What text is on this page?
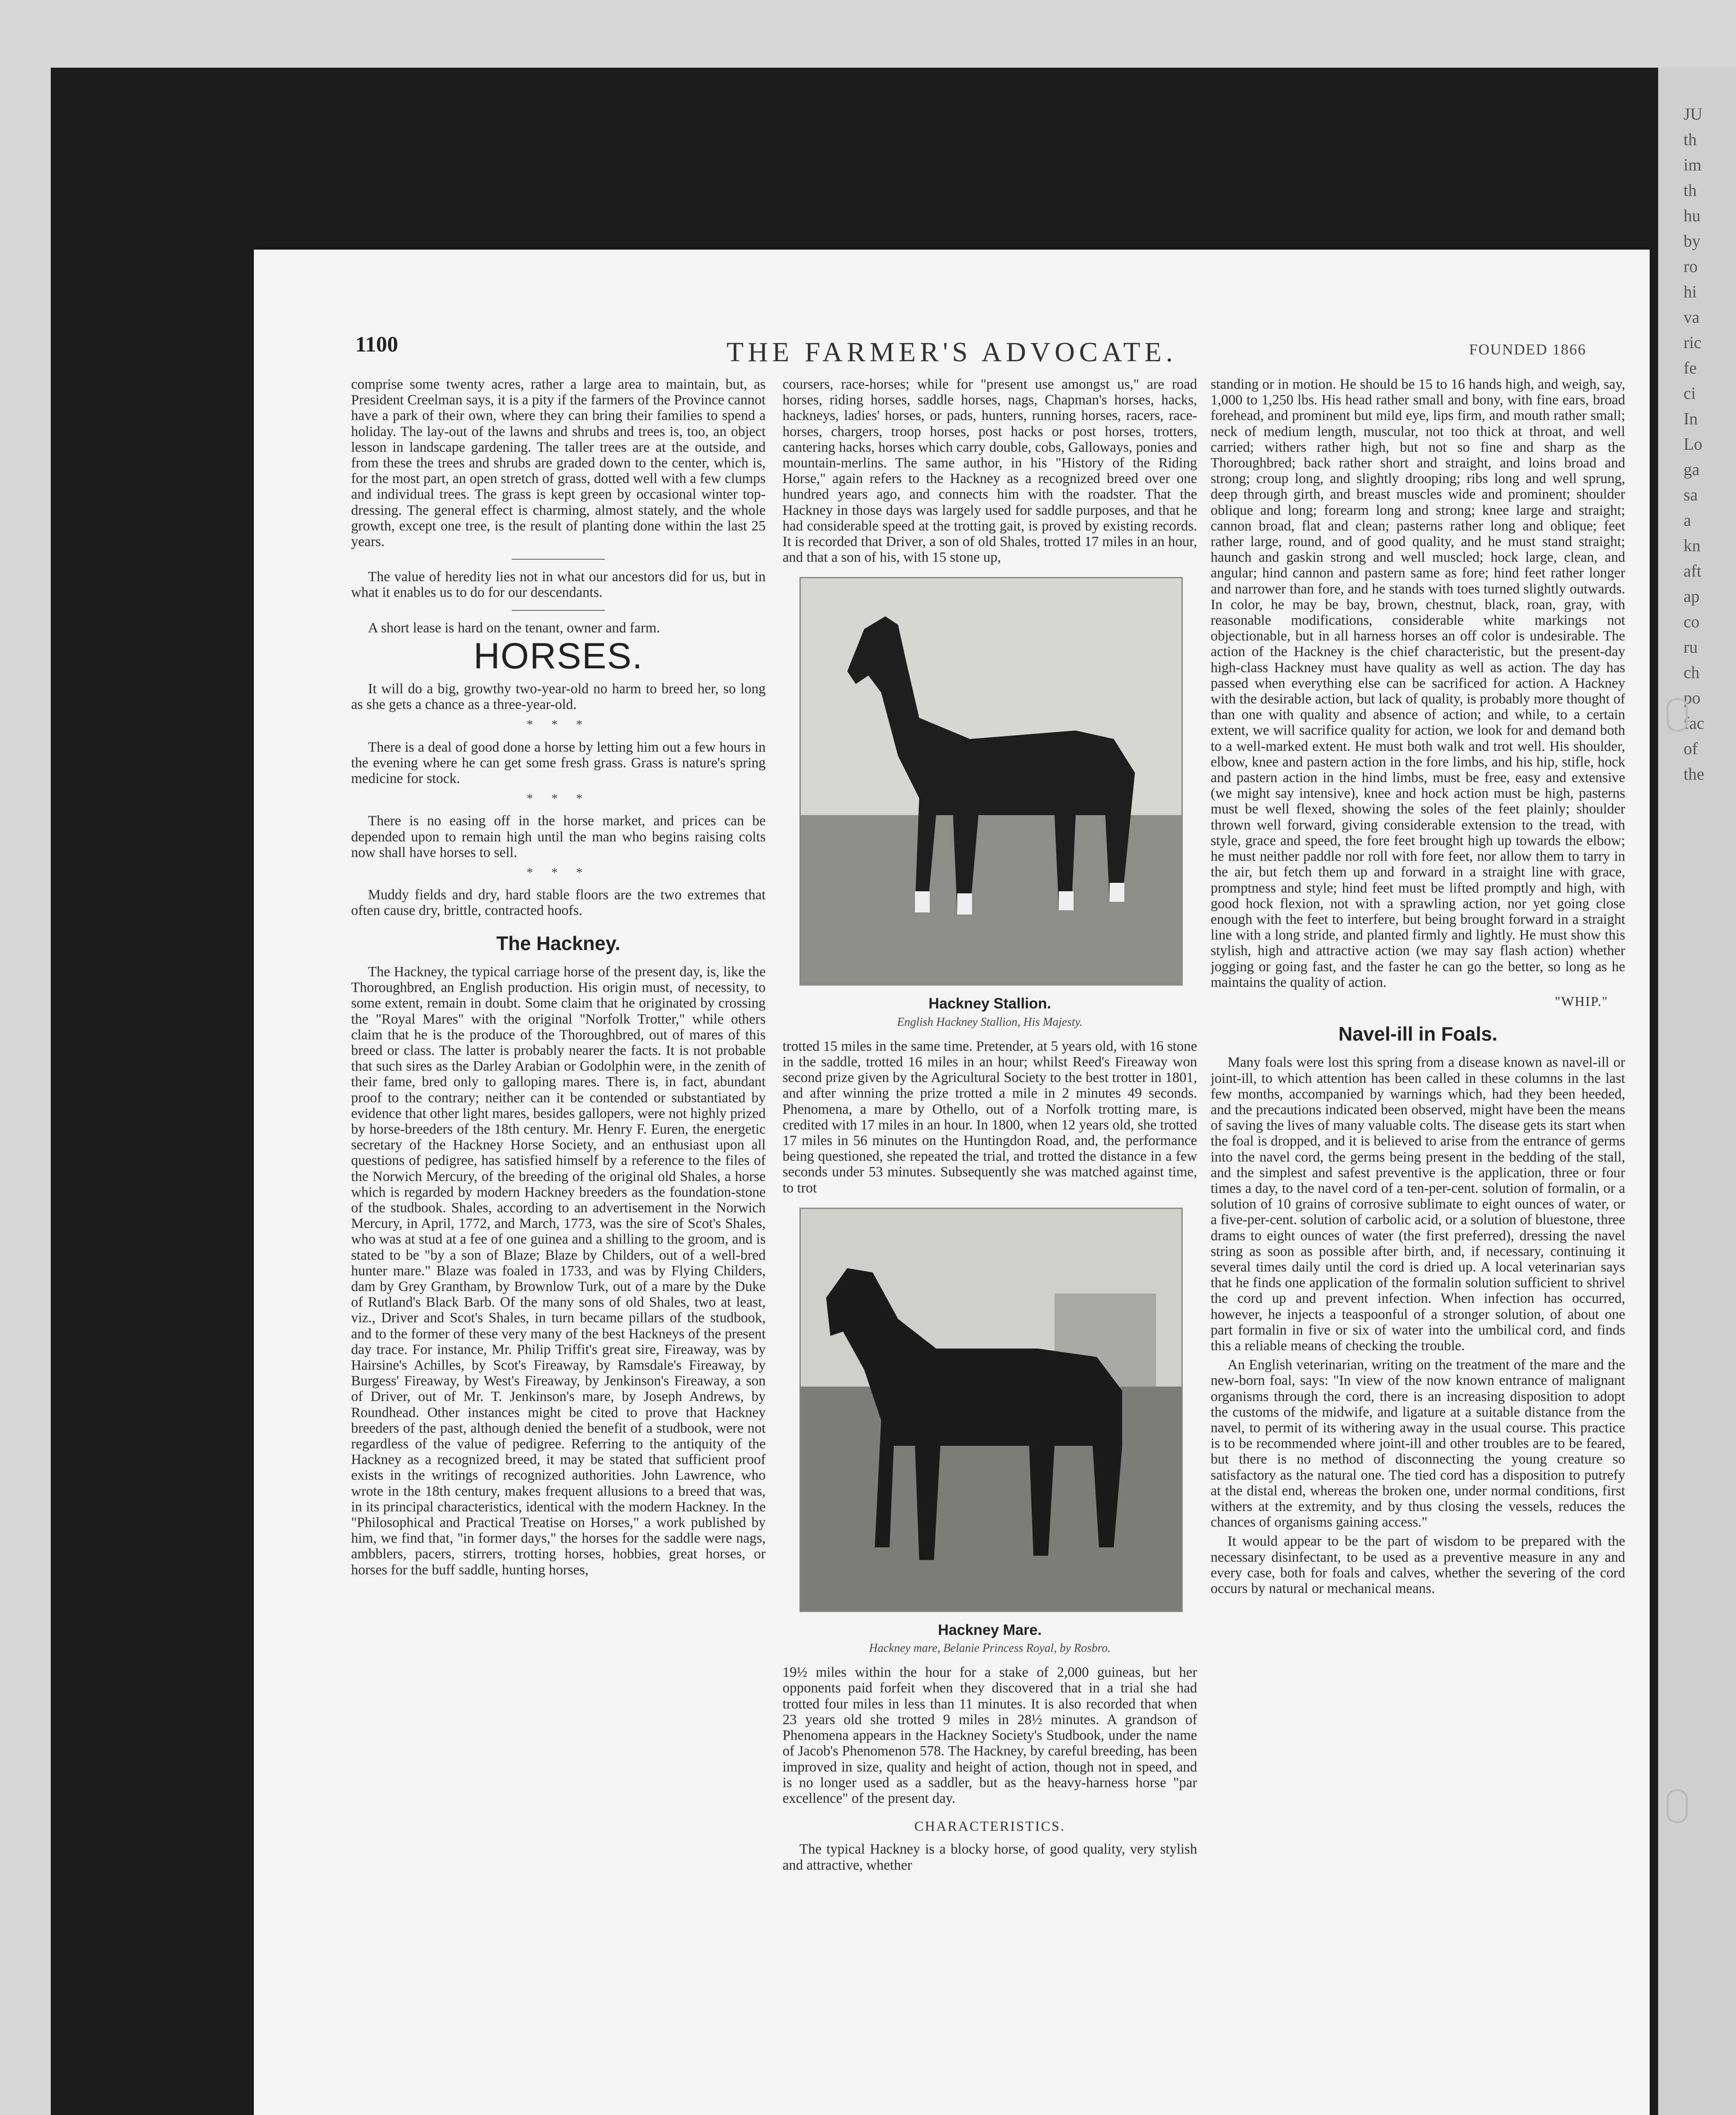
JU
th
im
th
hu
by
ro
hi
va
ric
fe
ci
In
Lo
ga
sa
a
kn
aft
ap
co
ru
ch
po
fac
of
the
1100	THE FARMER'S ADVOCATE.	FOUNDED 1866

comprise some twenty acres, rather a large area to maintain, but, as President Creelman says, it is a pity if the farmers of the Province cannot have a park of their own, where they can bring their families to spend a holiday. The lay-out of the lawns and shrubs and trees is, too, an object lesson in landscape gardening. The taller trees are at the outside, and from these the trees and shrubs are graded down to the center, which is, for the most part, an open stretch of grass, dotted well with a few clumps and individual trees. The grass is kept green by occasional winter top-dressing. The general effect is charming, almost stately, and the whole growth, except one tree, is the result of planting done within the last 25 years.

The value of heredity lies not in what our ancestors did for us, but in what it enables us to do for our descendants.

A short lease is hard on the tenant, owner and farm.

HORSES.

It will do a big, growthy two-year-old no harm to breed her, so long as she gets a chance as a three-year-old.

* * *

There is a deal of good done a horse by letting him out a few hours in the evening where he can get some fresh grass. Grass is nature's spring medicine for stock.

* * *

There is no easing off in the horse market, and prices can be depended upon to remain high until the man who begins raising colts now shall have horses to sell.

* * *

Muddy fields and dry, hard stable floors are the two extremes that often cause dry, brittle, contracted hoofs.

The Hackney.

The Hackney, the typical carriage horse of the present day, is, like the Thoroughbred, an English production. His origin must, of necessity, to some extent, remain in doubt. Some claim that he originated by crossing the "Royal Mares" with the original "Norfolk Trotter," while others claim that he is the produce of the Thoroughbred, out of mares of this breed or class. The latter is probably nearer the facts. It is not probable that such sires as the Darley Arabian or Godolphin were, in the zenith of their fame, bred only to galloping mares. There is, in fact, abundant proof to the contrary; neither can it be contended or substantiated by evidence that other light mares, besides gallopers, were not highly prized by horse-breeders of the 18th century. Mr. Henry F. Euren, the energetic secretary of the Hackney Horse Society, and an enthusiast upon all questions of pedigree, has satisfied himself by a reference to the files of the Norwich Mercury, of the breeding of the original old Shales, a horse which is regarded by modern Hackney breeders as the foundation-stone of the studbook. Shales, according to an advertisement in the Norwich Mercury, in April, 1772, and March, 1773, was the sire of Scot's Shales, who was at stud at a fee of one guinea and a shilling to the groom, and is stated to be "by a son of Blaze; Blaze by Childers, out of a well-bred hunter mare." Blaze was foaled in 1733, and was by Flying Childers, dam by Grey Grantham, by Brownlow Turk, out of a mare by the Duke of Rutland's Black Barb. Of the many sons of old Shales, two at least, viz., Driver and Scot's Shales, in turn became pillars of the studbook, and to the former of these very many of the best Hackneys of the present day trace. For instance, Mr. Philip Triffit's great sire, Fireaway, was by Hairsine's Achilles, by Scot's Fireaway, by Ramsdale's Fireaway, by Burgess' Fireaway, by West's Fireaway, by Jenkinson's Fireaway, a son of Driver, out of Mr. T. Jenkinson's mare, by Joseph Andrews, by Roundhead. Other instances might be cited to prove that Hackney breeders of the past, although denied the benefit of a studbook, were not regardless of the value of pedigree. Referring to the antiquity of the Hackney as a recognized breed, it may be stated that sufficient proof exists in the writings of recognized authorities. John Lawrence, who wrote in the 18th century, makes frequent allusions to a breed that was, in its principal characteristics, identical with the modern Hackney. In the "Philosophical and Practical Treatise on Horses," a work published by him, we find that, "in former days," the horses for the saddle were nags, ambblers, pacers, stirrers, trotting horses, hobbies, great horses, or horses for the buff saddle, hunting horses,

coursers, race-horses; while for "present use amongst us," are road horses, riding horses, saddle horses, nags, Chapman's horses, hacks, hackneys, ladies' horses, or pads, hunters, running horses, racers, race-horses, chargers, troop horses, post hacks or post horses, trotters, cantering hacks, horses which carry double, cobs, Galloways, ponies and mountain-merlins. The same author, in his "History of the Riding Horse," again refers to the Hackney as a recognized breed over one hundred years ago, and connects him with the roadster. That the Hackney in those days was largely used for saddle purposes, and that he had considerable speed at the trotting gait, is proved by existing records. It is recorded that Driver, a son of old Shales, trotted 17 miles in an hour, and that a son of his, with 15 stone up,

Hackney Stallion.
English Hackney Stallion, His Majesty.

trotted 15 miles in the same time. Pretender, at 5 years old, with 16 stone in the saddle, trotted 16 miles in an hour; whilst Reed's Fireaway won second prize given by the Agricultural Society to the best trotter in 1801, and after winning the prize trotted a mile in 2 minutes 49 seconds. Phenomena, a mare by Othello, out of a Norfolk trotting mare, is credited with 17 miles in an hour. In 1800, when 12 years old, she trotted 17 miles in 56 minutes on the Huntingdon Road, and, the performance being questioned, she repeated the trial, and trotted the distance in a few seconds under 53 minutes. Subsequently she was matched against time, to trot

Hackney Mare.
Hackney mare, Belanie Princess Royal, by Rosbro.

19½ miles within the hour for a stake of 2,000 guineas, but her opponents paid forfeit when they discovered that in a trial she had trotted four miles in less than 11 minutes. It is also recorded that when 23 years old she trotted 9 miles in 28½ minutes. A grandson of Phenomena appears in the Hackney Society's Studbook, under the name of Jacob's Phenomenon 578. The Hackney, by careful breeding, has been improved in size, quality and height of action, though not in speed, and is no longer used as a saddler, but as the heavy-harness horse "par excellence" of the present day.

CHARACTERISTICS.

The typical Hackney is a blocky horse, of good quality, very stylish and attractive, whether

standing or in motion. He should be 15 to 16 hands high, and weigh, say, 1,000 to 1,250 lbs. His head rather small and bony, with fine ears, broad forehead, and prominent but mild eye, lips firm, and mouth rather small; neck of medium length, muscular, not too thick at throat, and well carried; withers rather high, but not so fine and sharp as the Thoroughbred; back rather short and straight, and loins broad and strong; croup long, and slightly drooping; ribs long and well sprung, deep through girth, and breast muscles wide and prominent; shoulder oblique and long; forearm long and strong; knee large and straight; cannon broad, flat and clean; pasterns rather long and oblique; feet rather large, round, and of good quality, and he must stand straight; haunch and gaskin strong and well muscled; hock large, clean, and angular; hind cannon and pastern same as fore; hind feet rather longer and narrower than fore, and he stands with toes turned slightly outwards. In color, he may be bay, brown, chestnut, black, roan, gray, with reasonable modifications, considerable white markings not objectionable, but in all harness horses an off color is undesirable. The action of the Hackney is the chief characteristic, but the present-day high-class Hackney must have quality as well as action. The day has passed when everything else can be sacrificed for action. A Hackney with the desirable action, but lack of quality, is probably more thought of than one with quality and absence of action; and while, to a certain extent, we will sacrifice quality for action, we look for and demand both to a well-marked extent. He must both walk and trot well. His shoulder, elbow, knee and pastern action in the fore limbs, and his hip, stifle, hock and pastern action in the hind limbs, must be free, easy and extensive (we might say intensive), knee and hock action must be high, pasterns must be well flexed, showing the soles of the feet plainly; shoulder thrown well forward, giving considerable extension to the tread, with style, grace and speed, the fore feet brought high up towards the elbow; he must neither paddle nor roll with fore feet, nor allow them to tarry in the air, but fetch them up and forward in a straight line with grace, promptness and style; hind feet must be lifted promptly and high, with good hock flexion, not with a sprawling action, nor yet going close enough with the feet to interfere, but being brought forward in a straight line with a long stride, and planted firmly and lightly. He must show this stylish, high and attractive action (we may say flash action) whether jogging or going fast, and the faster he can go the better, so long as he maintains the quality of action.

"WHIP."
Navel-ill in Foals.

Many foals were lost this spring from a disease known as navel-ill or joint-ill, to which attention has been called in these columns in the last few months, accompanied by warnings which, had they been heeded, and the precautions indicated been observed, might have been the means of saving the lives of many valuable colts. The disease gets its start when the foal is dropped, and it is believed to arise from the entrance of germs into the navel cord, the germs being present in the bedding of the stall, and the simplest and safest preventive is the application, three or four times a day, to the navel cord of a ten-per-cent. solution of formalin, or a solution of 10 grains of corrosive sublimate to eight ounces of water, or a five-per-cent. solution of carbolic acid, or a solution of bluestone, three drams to eight ounces of water (the first preferred), dressing the navel string as soon as possible after birth, and, if necessary, continuing it several times daily until the cord is dried up. A local veterinarian says that he finds one application of the formalin solution sufficient to shrivel the cord up and prevent infection. When infection has occurred, however, he injects a teaspoonful of a stronger solution, of about one part formalin in five or six of water into the umbilical cord, and finds this a reliable means of checking the trouble.

An English veterinarian, writing on the treatment of the mare and the new-born foal, says: "In view of the now known entrance of malignant organisms through the cord, there is an increasing disposition to adopt the customs of the midwife, and ligature at a suitable distance from the navel, to permit of its withering away in the usual course. This practice is to be recommended where joint-ill and other troubles are to be feared, but there is no method of disconnecting the young creature so satisfactory as the natural one. The tied cord has a disposition to putrefy at the distal end, whereas the broken one, under normal conditions, first withers at the extremity, and by thus closing the vessels, reduces the chances of organisms gaining access."

It would appear to be the part of wisdom to be prepared with the necessary disinfectant, to be used as a preventive measure in any and every case, both for foals and calves, whether the severing of the cord occurs by natural or mechanical means.
